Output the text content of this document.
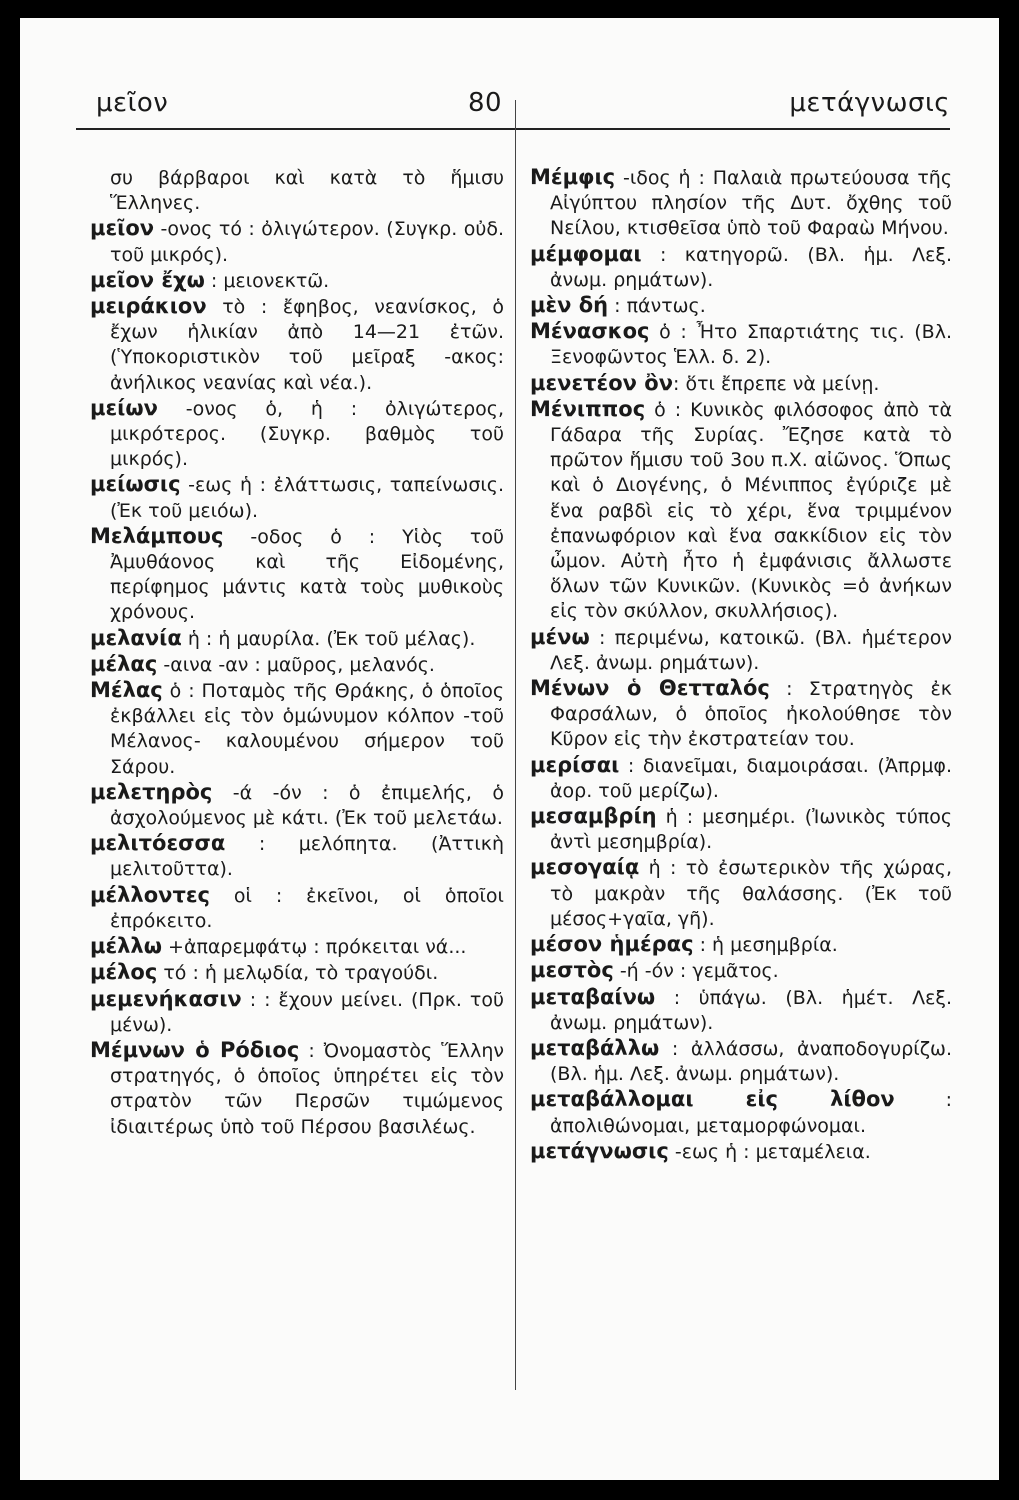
μεῖον	80	μετάγνωσις

συ βάρβαροι καὶ κατὰ τὸ ἥμισυ Ἕλληνες.

μεῖον -ονος τό : ὀλιγώτερον. (Συγκρ. οὐδ. τοῦ μικρός).

μεῖον ἔχω : μειονεκτῶ.

μειράκιον τὸ : ἔφηβος, νεανίσκος, ὁ ἔχων ἡλικίαν ἀπὸ 14—21 ἐτῶν. (Ὑποκοριστικὸν τοῦ μεῖραξ -ακος: ἀνήλικος νεανίας καὶ νέα.).

μείων -ονος ὁ, ἡ : ὀλιγώτερος, μικρότερος. (Συγκρ. βαθμὸς τοῦ μικρός).

μείωσις -εως ἡ : ἐλάττωσις, ταπείνωσις. (Ἐκ τοῦ μειόω).

Μελάμπους -οδος ὁ : Υἱὸς τοῦ Ἀμυθάονος καὶ τῆς Εἰδομένης, περίφημος μάντις κατὰ τοὺς μυθικοὺς χρόνους.

μελανία ἡ : ἡ μαυρίλα. (Ἐκ τοῦ μέλας).

μέλας -αινα -αν : μαῦρος, μελανός.

Μέλας ὁ : Ποταμὸς τῆς Θράκης, ὁ ὁποῖος ἐκβάλλει εἰς τὸν ὁμώνυμον κόλπον -τοῦ Μέλανος- καλουμένου σήμερον τοῦ Σάρου.

μελετηρὸς -ά -όν : ὁ ἐπιμελής, ὁ ἀσχολούμενος μὲ κάτι. (Ἐκ τοῦ μελετάω.

μελιτόεσσα : μελόπητα. (Ἀττικὴ μελιτοῦττα).

μέλλοντες οἱ : ἐκεῖνοι, οἱ ὁποῖοι ἐπρόκειτο.

μέλλω +ἀπαρεμφάτῳ : πρόκειται νά...

μέλος τό : ἡ μελῳδία, τὸ τραγούδι.

μεμενήκασιν : : ἔχουν μείνει. (Πρκ. τοῦ μένω).

Μέμνων ὁ Ρόδιος : Ὀνομαστὸς Ἕλλην στρατηγός, ὁ ὁποῖος ὑπηρέτει εἰς τὸν στρατὸν τῶν Περσῶν τιμώμενος ἰδιαιτέρως ὑπὸ τοῦ Πέρσου βασιλέως.

Μέμφις -ιδος ἡ : Παλαιὰ πρωτεύουσα τῆς Αἰγύπτου πλησίον τῆς Δυτ. ὄχθης τοῦ Νείλου, κτισθεῖσα ὑπὸ τοῦ Φαραὼ Μήνου.

μέμφομαι : κατηγορῶ. (Βλ. ἡμ. Λεξ. ἀνωμ. ρημάτων).

μὲν δή : πάντως.

Μένασκος ὁ : Ἦτο Σπαρτιάτης τις. (Βλ. Ξενοφῶντος Ἑλλ. δ. 2).

μενετέον ὂν: ὅτι ἔπρεπε νὰ μείνῃ.

Μένιππος ὁ : Κυνικὸς φιλόσοφος ἀπὸ τὰ Γάδαρα τῆς Συρίας. Ἔζησε κατὰ τὸ πρῶτον ἥμισυ τοῦ 3ου π.Χ. αἰῶνος. Ὅπως καὶ ὁ Διογένης, ὁ Μένιππος ἐγύριζε μὲ ἕνα ραβδὶ εἰς τὸ χέρι, ἕνα τριμμένον ἐπανωφόριον καὶ ἕνα σακκίδιον εἰς τὸν ὦμον. Αὐτὴ ἦτο ἡ ἐμφάνισις ἄλλωστε ὅλων τῶν Κυνικῶν. (Κυνικὸς =ὁ ἀνήκων εἰς τὸν σκύλλον, σκυλλήσιος).

μένω : περιμένω, κατοικῶ. (Βλ. ἡμέτερον Λεξ. ἀνωμ. ρημάτων).

Μένων ὁ Θετταλός : Στρατηγὸς ἐκ Φαρσάλων, ὁ ὁποῖος ἠκολούθησε τὸν Κῦρον εἰς τὴν ἐκστρατείαν του.

μερίσαι : διανεῖμαι, διαμοιράσαι. (Ἀπρμφ. ἀορ. τοῦ μερίζω).

μεσαμβρίη ἡ : μεσημέρι. (Ἰωνικὸς τύπος ἀντὶ μεσημβρία).

μεσογαίᾳ ἡ : τὸ ἐσωτερικὸν τῆς χώρας, τὸ μακρὰν τῆς θαλάσσης. (Ἐκ τοῦ μέσος+γαῖα, γῆ).

μέσον ἡμέρας : ἡ μεσημβρία.

μεστὸς -ή -όν : γεμᾶτος.

μεταβαίνω : ὑπάγω. (Βλ. ἡμέτ. Λεξ. ἀνωμ. ρημάτων).

μεταβάλλω : ἀλλάσσω, ἀναποδογυρίζω. (Βλ. ἡμ. Λεξ. ἀνωμ. ρημάτων).

μεταβάλλομαι εἰς λίθον : ἀπολιθώνομαι, μεταμορφώνομαι.

μετάγνωσις -εως ἡ : μεταμέλεια.
